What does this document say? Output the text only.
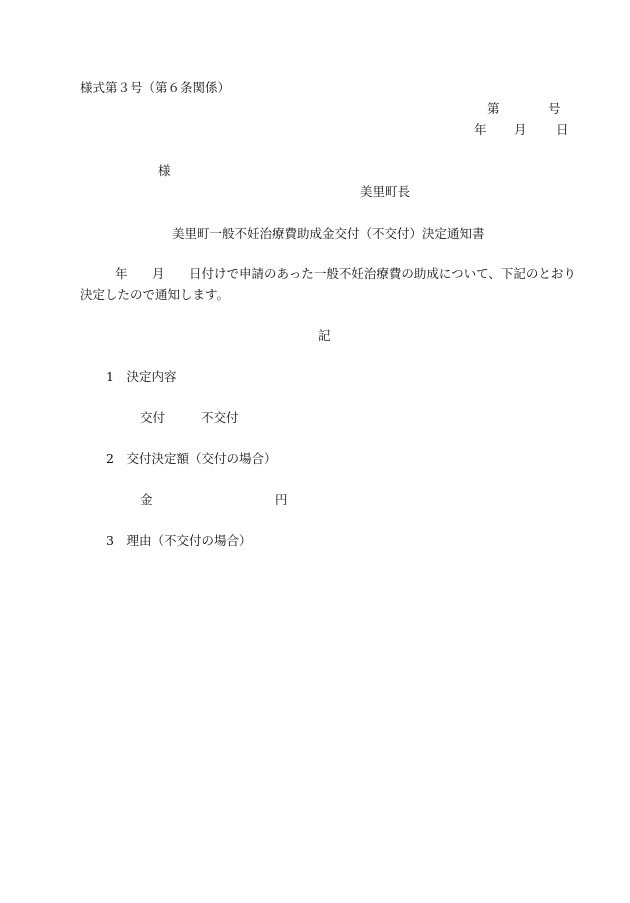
様式第３号（第６条関係）
第	号
年 月 日
様
美里町長
美里町一般不妊治療費助成金交付（不交付）決定通知書
年 月 日付けで申請のあった一般不妊治療費の助成について、下記のとおり
決定したので通知します。
記
1　決定内容
交付	不交付
2　交付決定額（交付の場合）
金	円
3　理由（不交付の場合）
